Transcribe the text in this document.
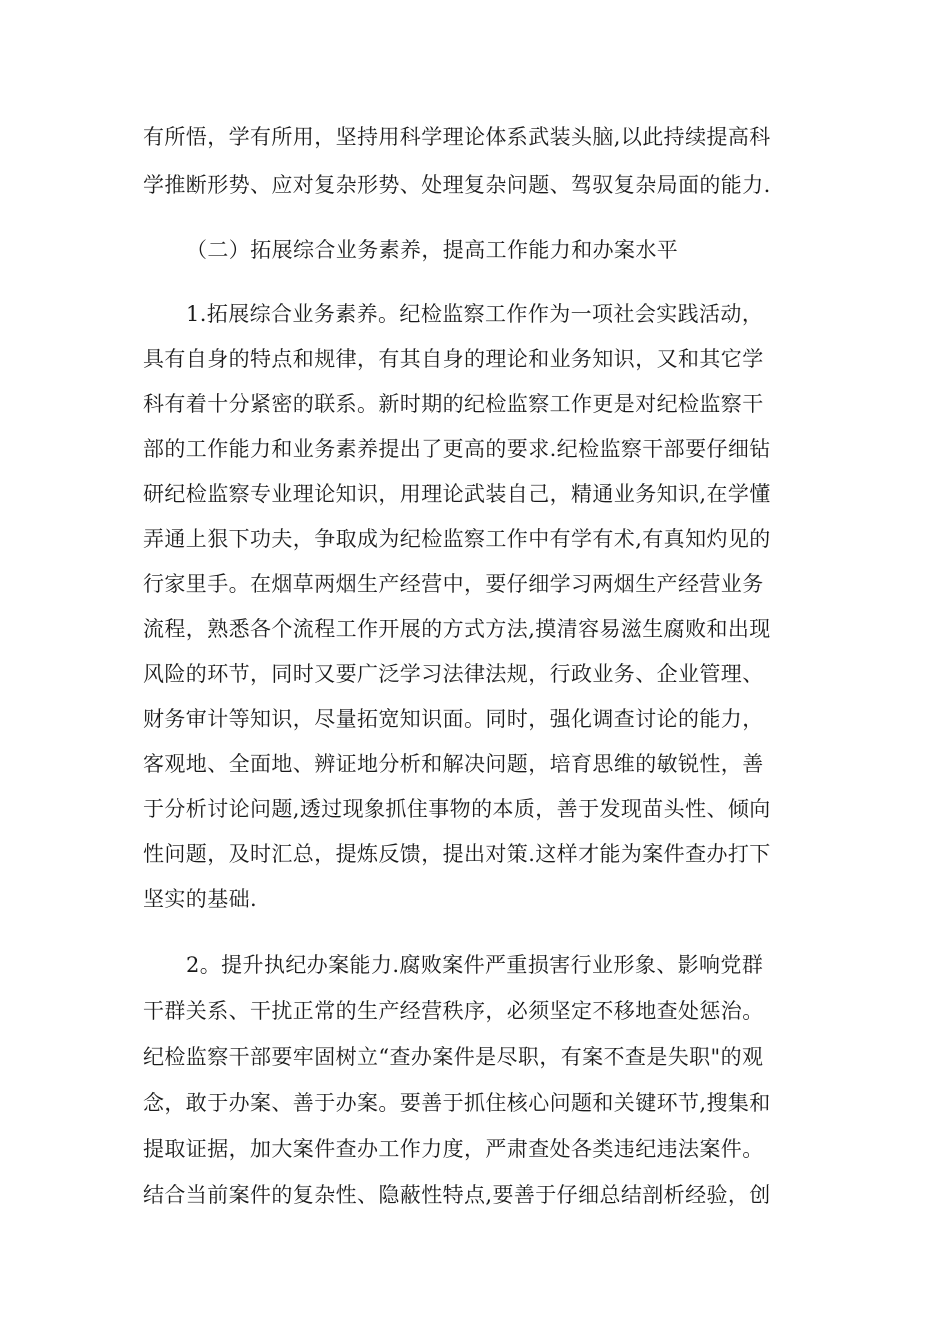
有所悟，学有所用，坚持用科学理论体系武装头脑,以此持续提高科
学推断形势、应对复杂形势、处理复杂问题、驾驭复杂局面的能力.
（二）拓展综合业务素养，提高工作能力和办案水平
1.拓展综合业务素养。纪检监察工作作为一项社会实践活动，
具有自身的特点和规律，有其自身的理论和业务知识，又和其它学
科有着十分紧密的联系。新时期的纪检监察工作更是对纪检监察干
部的工作能力和业务素养提出了更高的要求.纪检监察干部要仔细钻
研纪检监察专业理论知识，用理论武装自己，精通业务知识,在学懂
弄通上狠下功夫，争取成为纪检监察工作中有学有术,有真知灼见的
行家里手。在烟草两烟生产经营中，要仔细学习两烟生产经营业务
流程，熟悉各个流程工作开展的方式方法,摸清容易滋生腐败和出现
风险的环节，同时又要广泛学习法律法规，行政业务、企业管理、
财务审计等知识，尽量拓宽知识面。同时，强化调查讨论的能力，
客观地、全面地、辨证地分析和解决问题，培育思维的敏锐性，善
于分析讨论问题,透过现象抓住事物的本质，善于发现苗头性、倾向
性问题，及时汇总，提炼反馈，提出对策.这样才能为案件查办打下
坚实的基础.
2。提升执纪办案能力.腐败案件严重损害行业形象、影响党群
干群关系、干扰正常的生产经营秩序，必须坚定不移地查处惩治。
纪检监察干部要牢固树立“查办案件是尽职，有案不查是失职"的观
念，敢于办案、善于办案。要善于抓住核心问题和关键环节,搜集和
提取证据，加大案件查办工作力度，严肃查处各类违纪违法案件。
结合当前案件的复杂性、隐蔽性特点,要善于仔细总结剖析经验，创
